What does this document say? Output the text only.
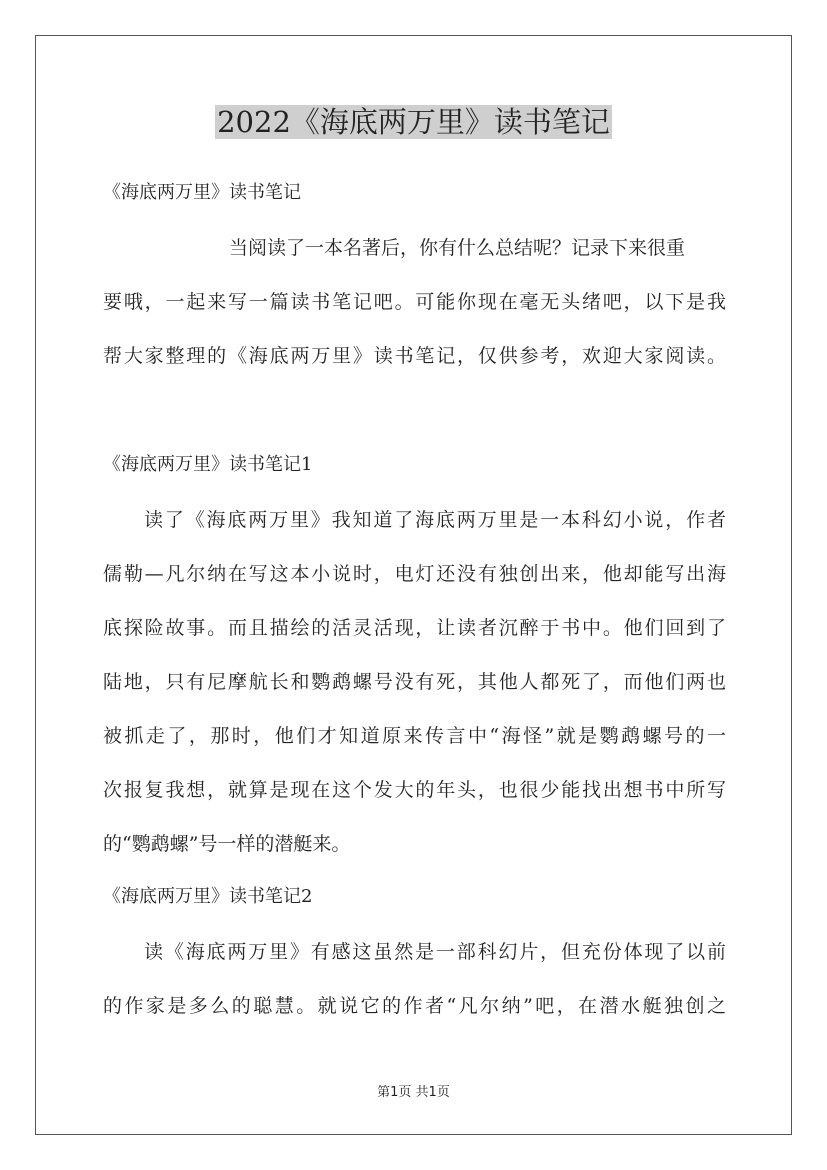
2022《海底两万里》读书笔记

《海底两万里》读书笔记

当阅读了一本名著后，你有什么总结呢？记录下来很重

要哦，一起来写一篇读书笔记吧。可能你现在毫无头绪吧，以下是我

帮大家整理的《海底两万里》读书笔记，仅供参考，欢迎大家阅读。

《海底两万里》读书笔记1

读了《海底两万里》我知道了海底两万里是一本科幻小说，作者

儒勒—凡尔纳在写这本小说时，电灯还没有独创出来，他却能写出海

底探险故事。而且描绘的活灵活现，让读者沉醉于书中。他们回到了

陆地，只有尼摩航长和鹦鹉螺号没有死，其他人都死了，而他们两也

被抓走了，那时，他们才知道原来传言中“海怪”就是鹦鹉螺号的一

次报复我想，就算是现在这个发大的年头，也很少能找出想书中所写

的“鹦鹉螺”号一样的潜艇来。

《海底两万里》读书笔记2

读《海底两万里》有感这虽然是一部科幻片，但充份体现了以前

的作家是多么的聪慧。就说它的作者“凡尔纳”吧，在潜水艇独创之

第1页 共1页
